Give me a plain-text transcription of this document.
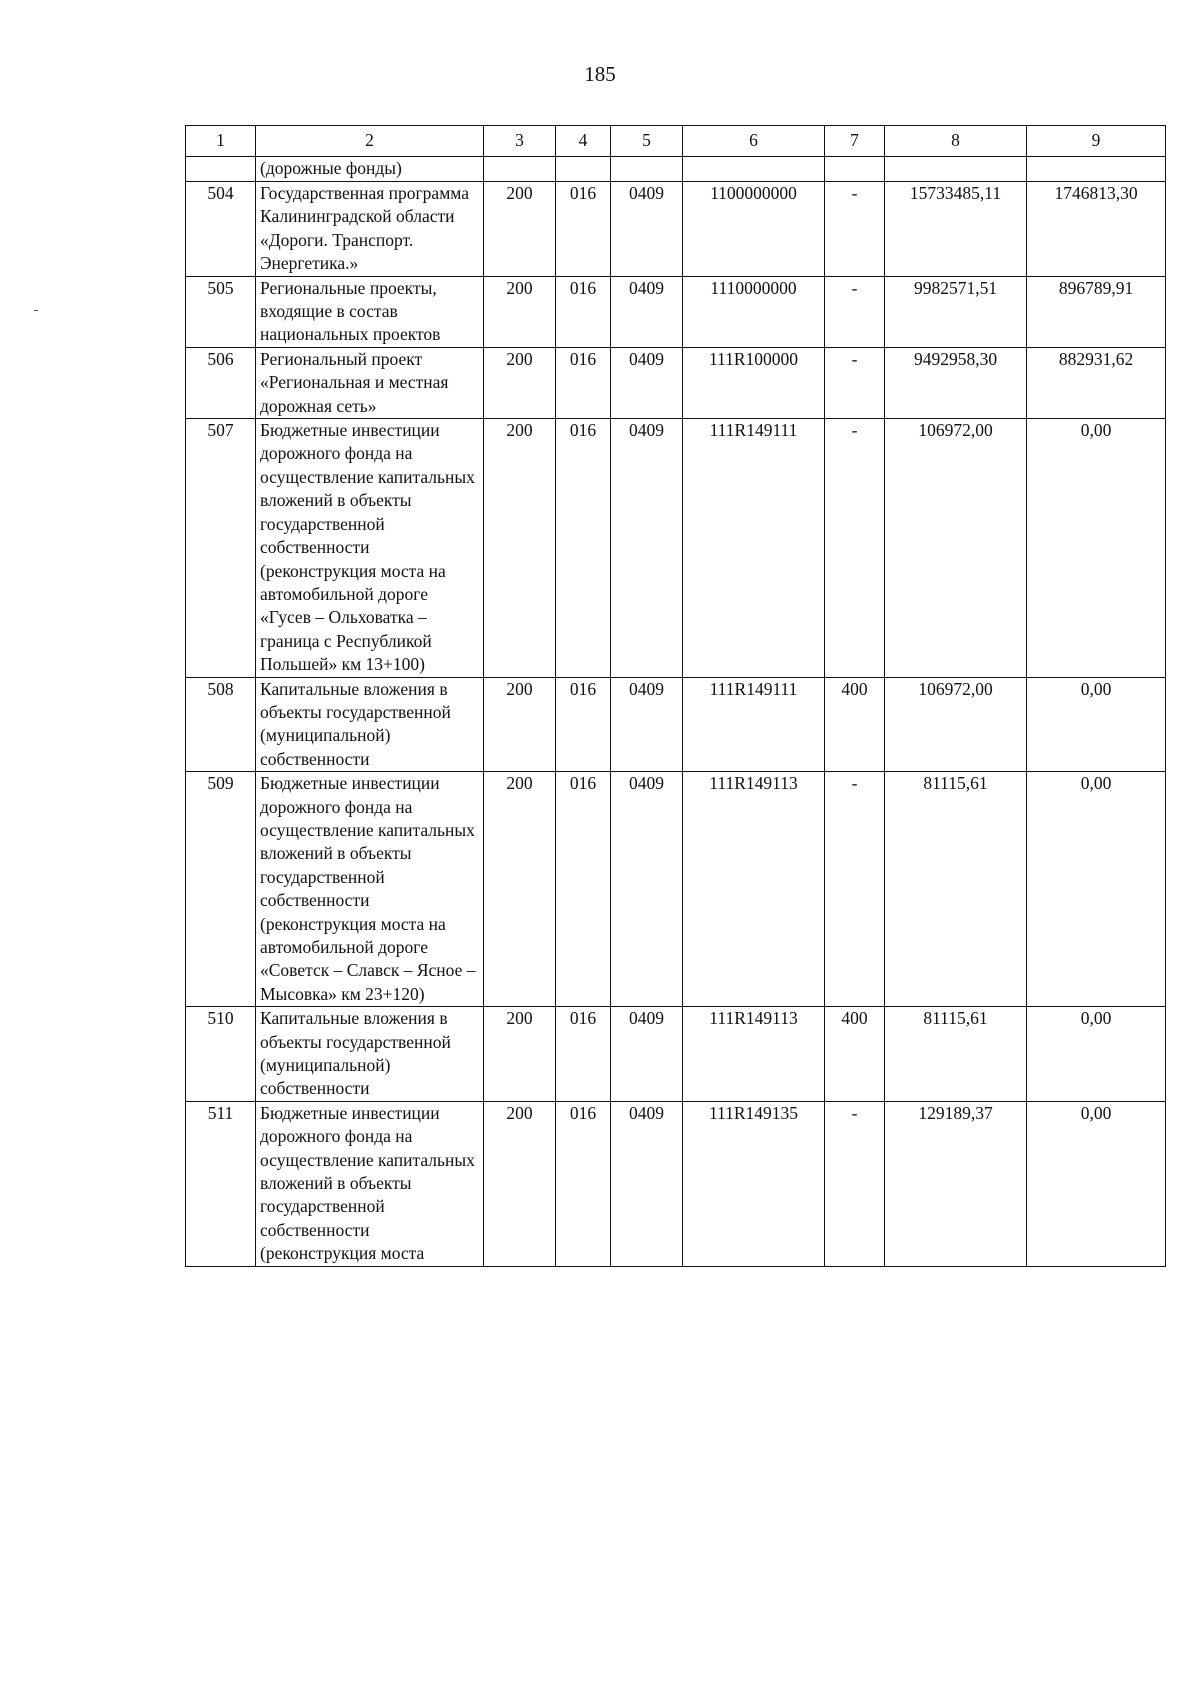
185
1	2	3	4	5	6	7	8	9
	(дорожные фонды)							
504	Государственная программа Калининградской области «Дороги. Транспорт. Энергетика.»	200	016	0409	1100000000	-	15733485,11	1746813,30
505	Региональные проекты, входящие в состав национальных проектов	200	016	0409	1110000000	-	9982571,51	896789,91
506	Региональный проект «Региональная и местная дорожная сеть»	200	016	0409	111R100000	-	9492958,30	882931,62
507	Бюджетные инвестиции дорожного фонда на осуществление капитальных вложений в объекты государственной собственности (реконструкция моста на автомобильной дороге «Гусев – Ольховатка – граница с Республикой Польшей» км 13+100)	200	016	0409	111R149111	-	106972,00	0,00
508	Капитальные вложения в объекты государственной (муниципальной) собственности	200	016	0409	111R149111	400	106972,00	0,00
509	Бюджетные инвестиции дорожного фонда на осуществление капитальных вложений в объекты государственной собственности (реконструкция моста на автомобильной дороге «Советск – Славск – Ясное – Мысовка» км 23+120)	200	016	0409	111R149113	-	81115,61	0,00
510	Капитальные вложения в объекты государственной (муниципальной) собственности	200	016	0409	111R149113	400	81115,61	0,00
511	Бюджетные инвестиции дорожного фонда на осуществление капитальных вложений в объекты государственной собственности (реконструкция моста	200	016	0409	111R149135	-	129189,37	0,00
